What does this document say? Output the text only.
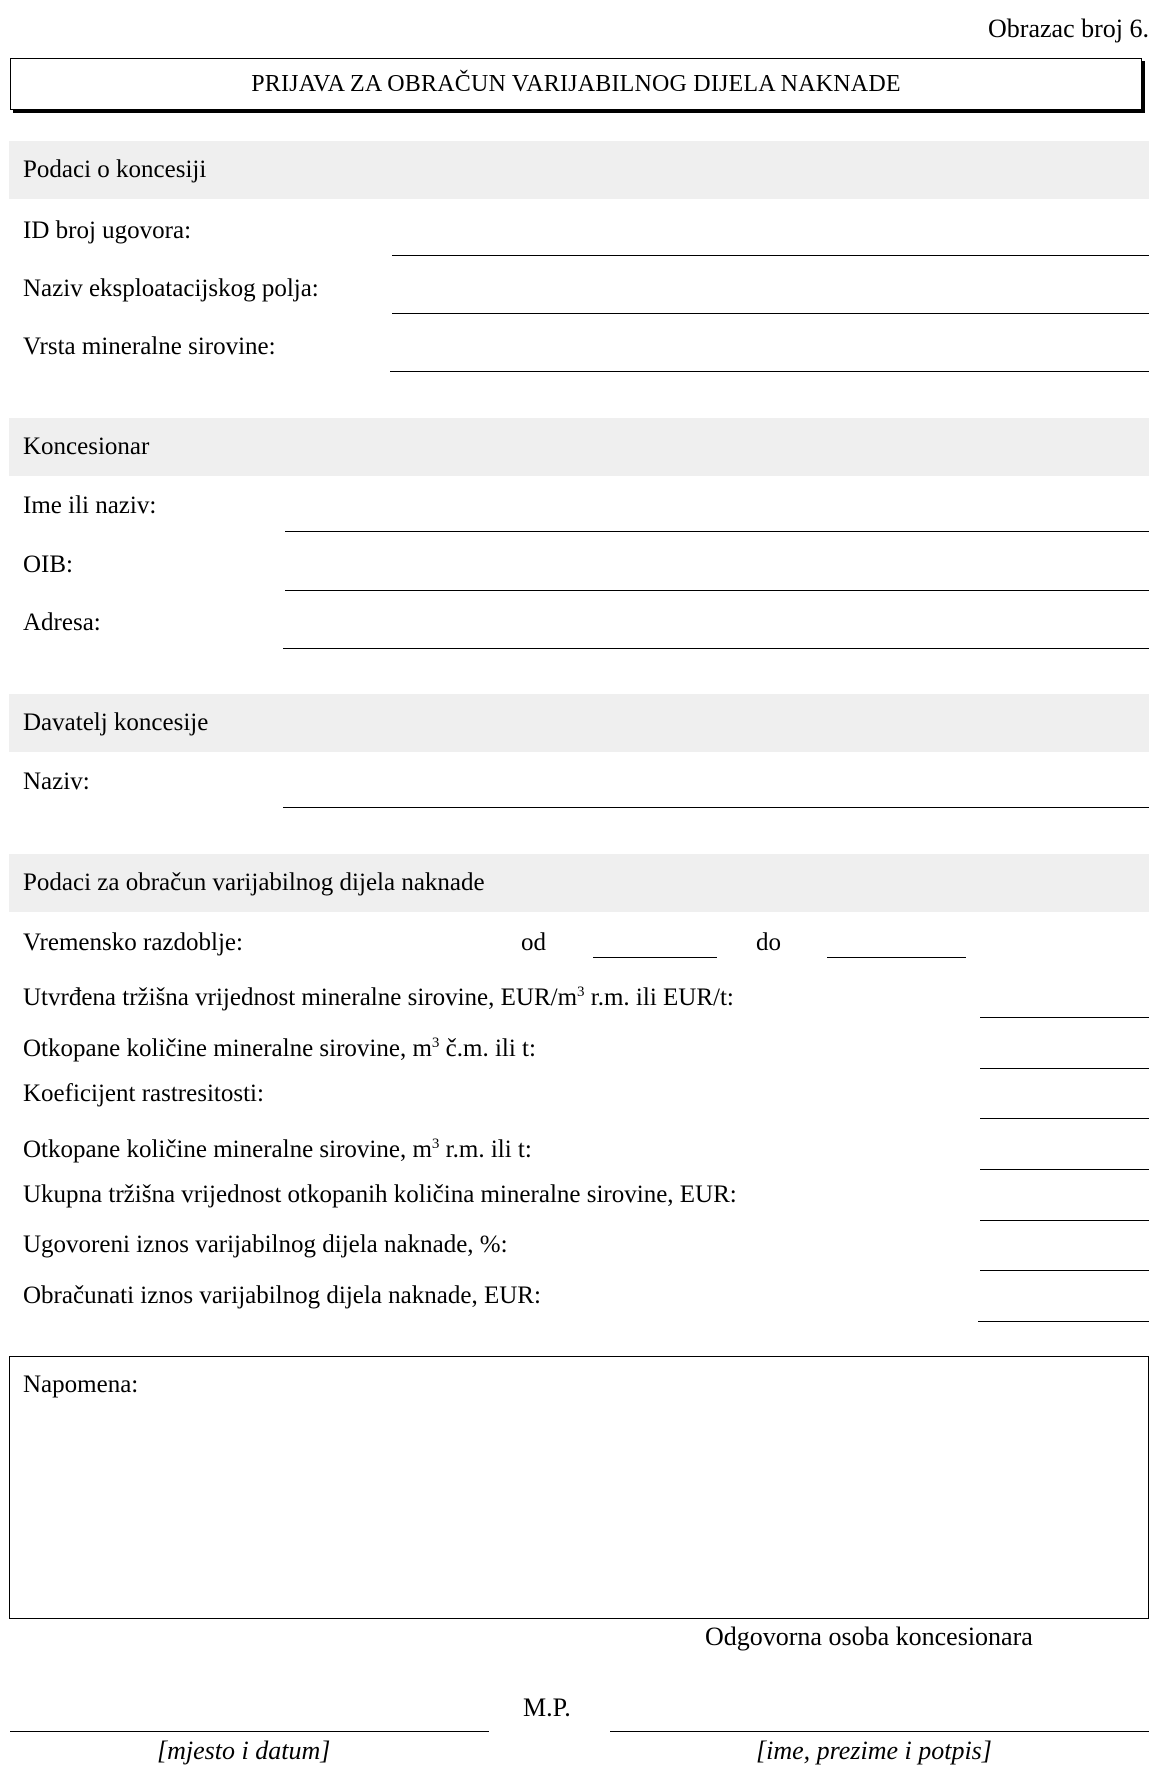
Obrazac broj 6.
PRIJAVA ZA OBRAČUN VARIJABILNOG DIJELA NAKNADE
Podaci o koncesiji
ID broj ugovora:
Naziv eksploatacijskog polja:
Vrsta mineralne sirovine:
Koncesionar
Ime ili naziv:
OIB:
Adresa:
Davatelj koncesije
Naziv:
Podaci za obračun varijabilnog dijela naknade
Vremensko razdoblje:	od	do
Utvrđena tržišna vrijednost mineralne sirovine, EUR/$m^3$ r.m. ili EUR/t:
Otkopane količine mineralne sirovine, $m^3$ č.m. ili t:
Koeficijent rastresitosti:
Otkopane količine mineralne sirovine, $m^3$ r.m. ili t:
Ukupna tržišna vrijednost otkopanih količina mineralne sirovine, EUR:
Ugovoreni iznos varijabilnog dijela naknade, %:
Obračunati iznos varijabilnog dijela naknade, EUR:
Napomena:
Odgovorna osoba koncesionara
M.P.
[mjesto i datum]	[ime, prezime i potpis]
